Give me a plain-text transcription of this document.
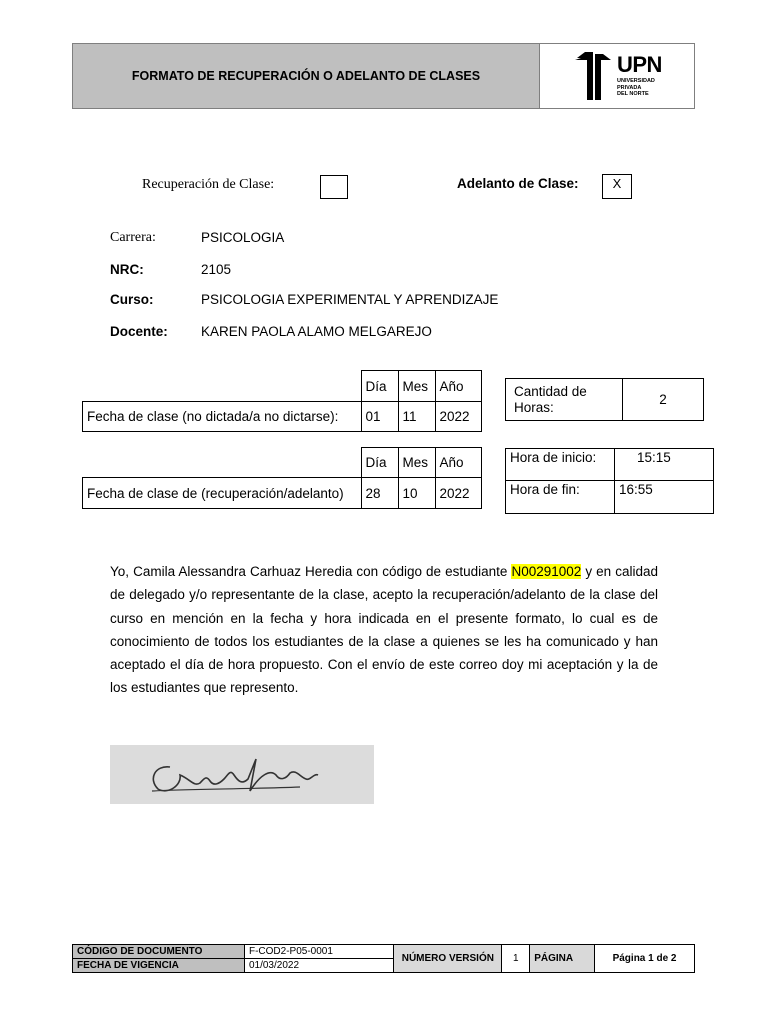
FORMATO DE RECUPERACIÓN O ADELANTO DE CLASES	UPN
UNIVERSIDAD
PRIVADA
DEL NORTE
Recuperación de Clase:	Adelanto de Clase:	X
Carrera:	PSICOLOGIA
NRC:	2105
Curso:	PSICOLOGIA EXPERIMENTAL Y APRENDIZAJE
Docente: KAREN PAOLA ALAMO MELGAREJO
	Día	Mes	Año
Fecha de clase (no dictada/a no dictarse):	01	11	2022
Cantidad de Horas:	2
	Día	Mes	Año
Fecha de clase de (recuperación/adelanto)	28	10	2022
Hora de inicio:	15:15
Hora de fin:	16:55
Yo, Camila Alessandra Carhuaz Heredia con código de estudiante N00291002 y en calidad de delegado y/o representante de la clase, acepto la recuperación/adelanto de la clase del curso en mención en la fecha y hora indicada en el presente formato, lo cual es de conocimiento de todos los estudiantes de la clase a quienes se les ha comunicado y han aceptado el día de hora propuesto. Con el envío de este correo doy mi aceptación y la de los estudiantes que represento.
CÓDIGO DE DOCUMENTO	F-COD2-P05-0001	NÚMERO VERSIÓN	1	PÁGINA	Página 1 de 2
FECHA DE VIGENCIA	01/03/2022				
